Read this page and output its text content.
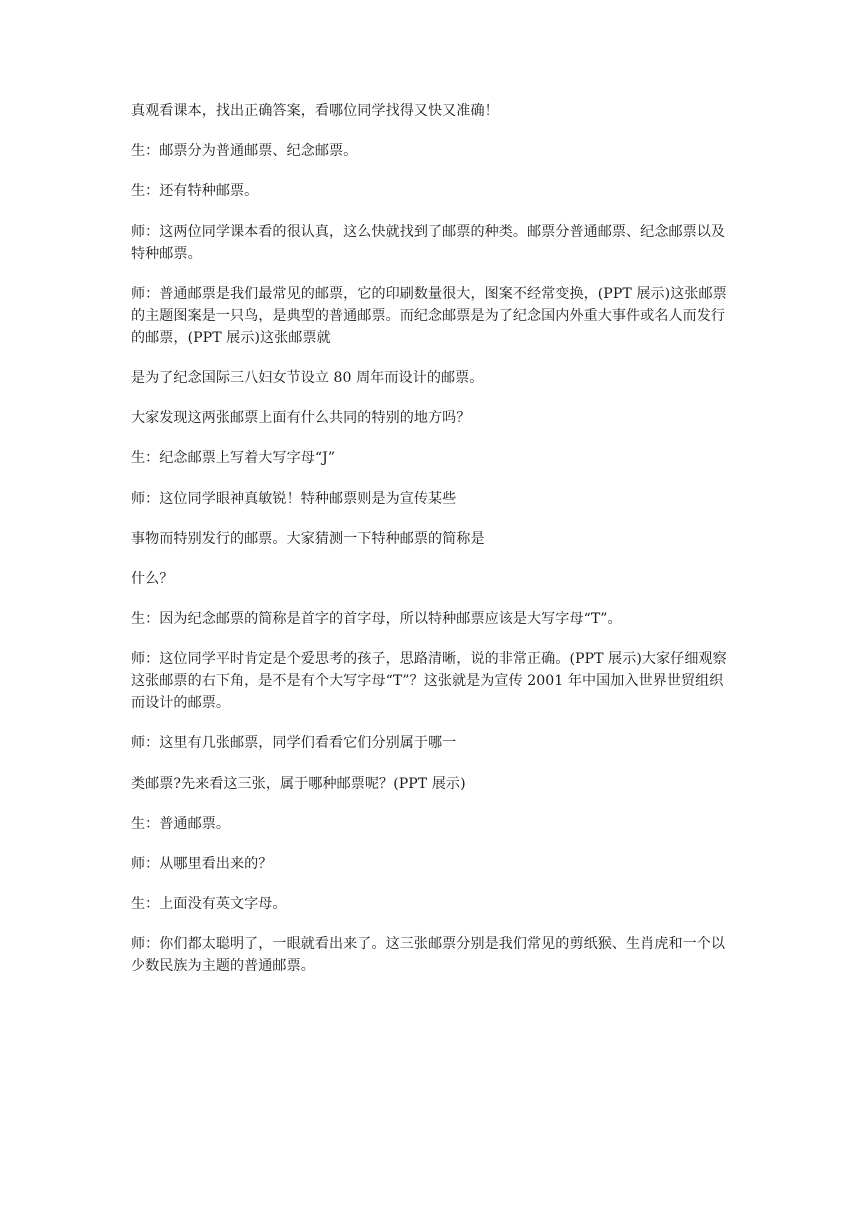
真观看课本，找出正确答案，看哪位同学找得又快又准确！

生：邮票分为普通邮票、纪念邮票。

生：还有特种邮票。

师：这两位同学课本看的很认真，这么快就找到了邮票的种类。邮票分普通邮票、纪念邮票以及特种邮票。

师：普通邮票是我们最常见的邮票，它的印刷数量很大，图案不经常变换，(PPT 展示)这张邮票的主题图案是一只鸟，是典型的普通邮票。而纪念邮票是为了纪念国内外重大事件或名人而发行的邮票，(PPT 展示)这张邮票就

是为了纪念国际三八妇女节设立 80 周年而设计的邮票。

大家发现这两张邮票上面有什么共同的特别的地方吗？

生：纪念邮票上写着大写字母“J”

师：这位同学眼神真敏锐！特种邮票则是为宣传某些

事物而特别发行的邮票。大家猜测一下特种邮票的简称是

什么？

生：因为纪念邮票的简称是首字的首字母，所以特种邮票应该是大写字母“T”。

师：这位同学平时肯定是个爱思考的孩子，思路清晰，说的非常正确。(PPT 展示)大家仔细观察这张邮票的右下角，是不是有个大写字母“T”？这张就是为宣传 2001 年中国加入世界世贸组织而设计的邮票。

师：这里有几张邮票，同学们看看它们分别属于哪一

类邮票?先来看这三张，属于哪种邮票呢？(PPT 展示)

生：普通邮票。

师：从哪里看出来的？

生：上面没有英文字母。

师：你们都太聪明了，一眼就看出来了。这三张邮票分别是我们常见的剪纸猴、生肖虎和一个以少数民族为主题的普通邮票。
